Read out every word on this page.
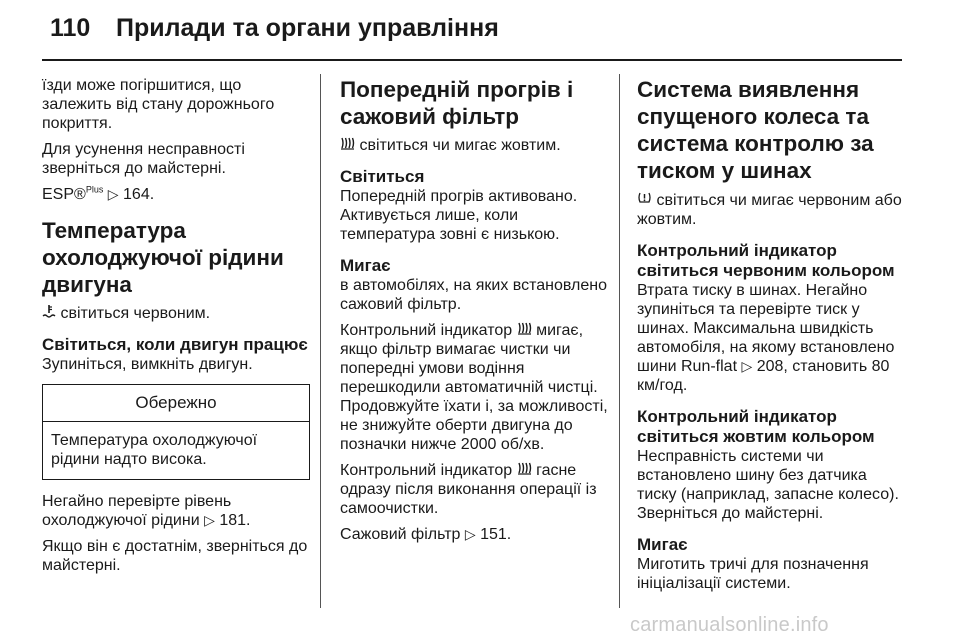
110 Прилади та органи управління

їзди може погіршитися, що залежить від стану дорожнього покриття.

Для усунення несправності зверніться до майстерні.

ESP®$^{Plus}$ ▷ 164.

Температура охолоджуючої рідини двигуна

світиться червоним.

Світиться, коли двигун працює

Зупиніться, вимкніть двигун.

Обережно
Температура охолоджуючої рідини надто висока.

Негайно перевірте рівень охолоджуючої рідини ▷ 181.

Якщо він є достатнім, зверніться до майстерні.

Попередній прогрів і сажовий фільтр

світиться чи мигає жовтим.

Світиться

Попередній прогрів активовано. Активується лише, коли температура зовні є низькою.

Мигає

в автомобілях, на яких встановлено сажовий фільтр.

Контрольний індикатор мигає, якщо фільтр вимагає чистки чи попередні умови водіння перешкодили автоматичній чистці. Продовжуйте їхати і, за можливості, не знижуйте оберти двигуна до позначки нижче 2000 об/хв.

Контрольний індикатор гасне одразу після виконання операції із самоочистки.

Сажовий фільтр ▷ 151.

Система виявлення спущеного колеса та система контролю за тиском у шинах

світиться чи мигає червоним або жовтим.

Контрольний індикатор світиться червоним кольором

Втрата тиску в шинах. Негайно зупиніться та перевірте тиск у шинах. Максимальна швидкість автомобіля, на якому встановлено шини Run-flat ▷ 208, становить 80 км/год.

Контрольний індикатор світиться жовтим кольором

Несправність системи чи встановлено шину без датчика тиску (наприклад, запасне колесо). Зверніться до майстерні.

Мигає

Миготить тричі для позначення ініціалізації системи.

carmanualsonline.info
